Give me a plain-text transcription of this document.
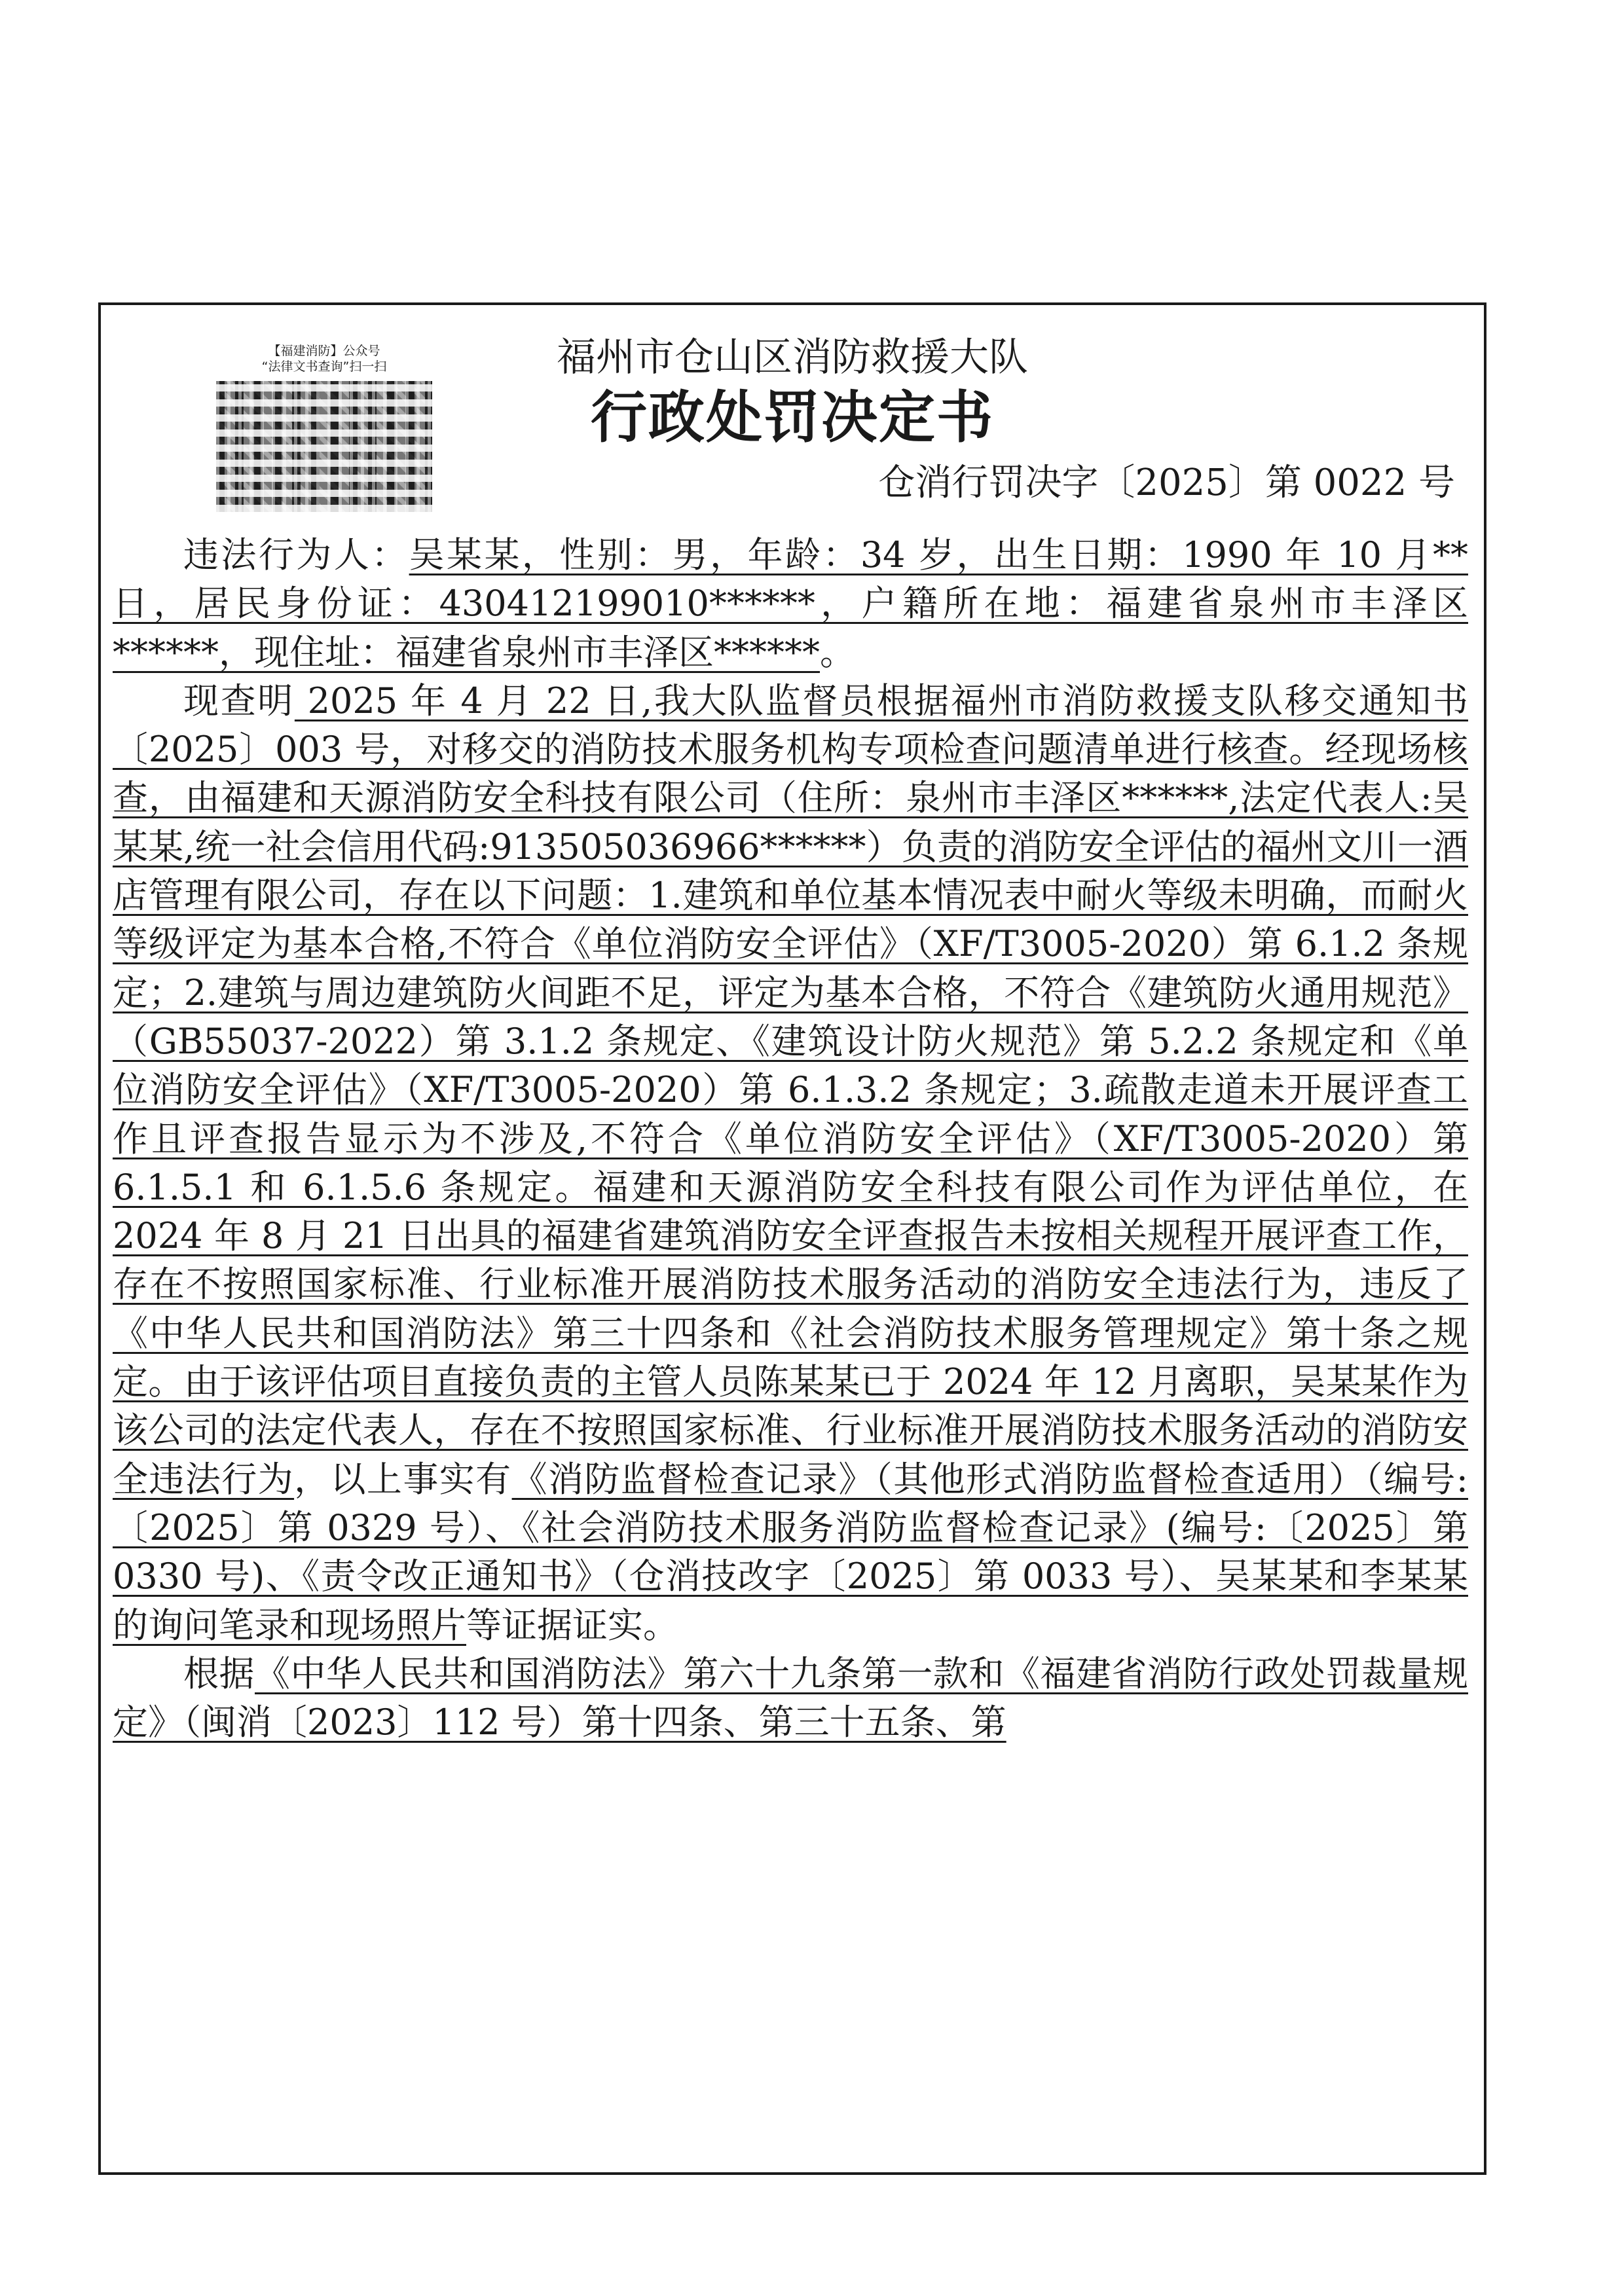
【福建消防】公众号
“法律文书查询”扫一扫	福州市仓山区消防救援大队
行政处罚决定书
仓消行罚决字〔2025〕第 0022 号

违法行为人：吴某某，性别：男，年龄：34 岁，出生日期：1990 年 10 月**日，居民身份证：430412199010******，户籍所在地：福建省泉州市丰泽区******，现住址：福建省泉州市丰泽区******。

现查明 2025 年 4 月 22 日,我大队监督员根据福州市消防救援支队移交通知书〔2025〕003 号，对移交的消防技术服务机构专项检查问题清单进行核查。经现场核查，由福建和天源消防安全科技有限公司（住所：泉州市丰泽区******,法定代表人:吴某某,统一社会信用代码:913505036966******）负责的消防安全评估的福州文川一酒店管理有限公司，存在以下问题：1.建筑和单位基本情况表中耐火等级未明确，而耐火等级评定为基本合格,不符合《单位消防安全评估》（XF/T3005-2020）第 6.1.2 条规定；2.建筑与周边建筑防火间距不足，评定为基本合格，不符合《建筑防火通用规范》（GB55037-2022）第 3.1.2 条规定、《建筑设计防火规范》第 5.2.2 条规定和《单位消防安全评估》（XF/T3005-2020）第 6.1.3.2 条规定；3.疏散走道未开展评查工作且评查报告显示为不涉及,不符合《单位消防安全评估》（XF/T3005-2020）第 6.1.5.1 和 6.1.5.6 条规定。福建和天源消防安全科技有限公司作为评估单位，在 2024 年 8 月 21 日出具的福建省建筑消防安全评查报告未按相关规程开展评查工作，存在不按照国家标准、行业标准开展消防技术服务活动的消防安全违法行为，违反了《中华人民共和国消防法》第三十四条和《社会消防技术服务管理规定》第十条之规定。由于该评估项目直接负责的主管人员陈某某已于 2024 年 12 月离职，吴某某作为该公司的法定代表人，存在不按照国家标准、行业标准开展消防技术服务活动的消防安全违法行为，以上事实有《消防监督检查记录》（其他形式消防监督检查适用）（编号:〔2025〕第 0329 号）、《社会消防技术服务消防监督检查记录》(编号:〔2025〕第 0330 号)、《责令改正通知书》（仓消技改字〔2025〕第 0033 号）、吴某某和李某某的询问笔录和现场照片等证据证实。

根据《中华人民共和国消防法》第六十九条第一款和《福建省消防行政处罚裁量规定》（闽消〔2023〕112 号）第十四条、第三十五条、第
